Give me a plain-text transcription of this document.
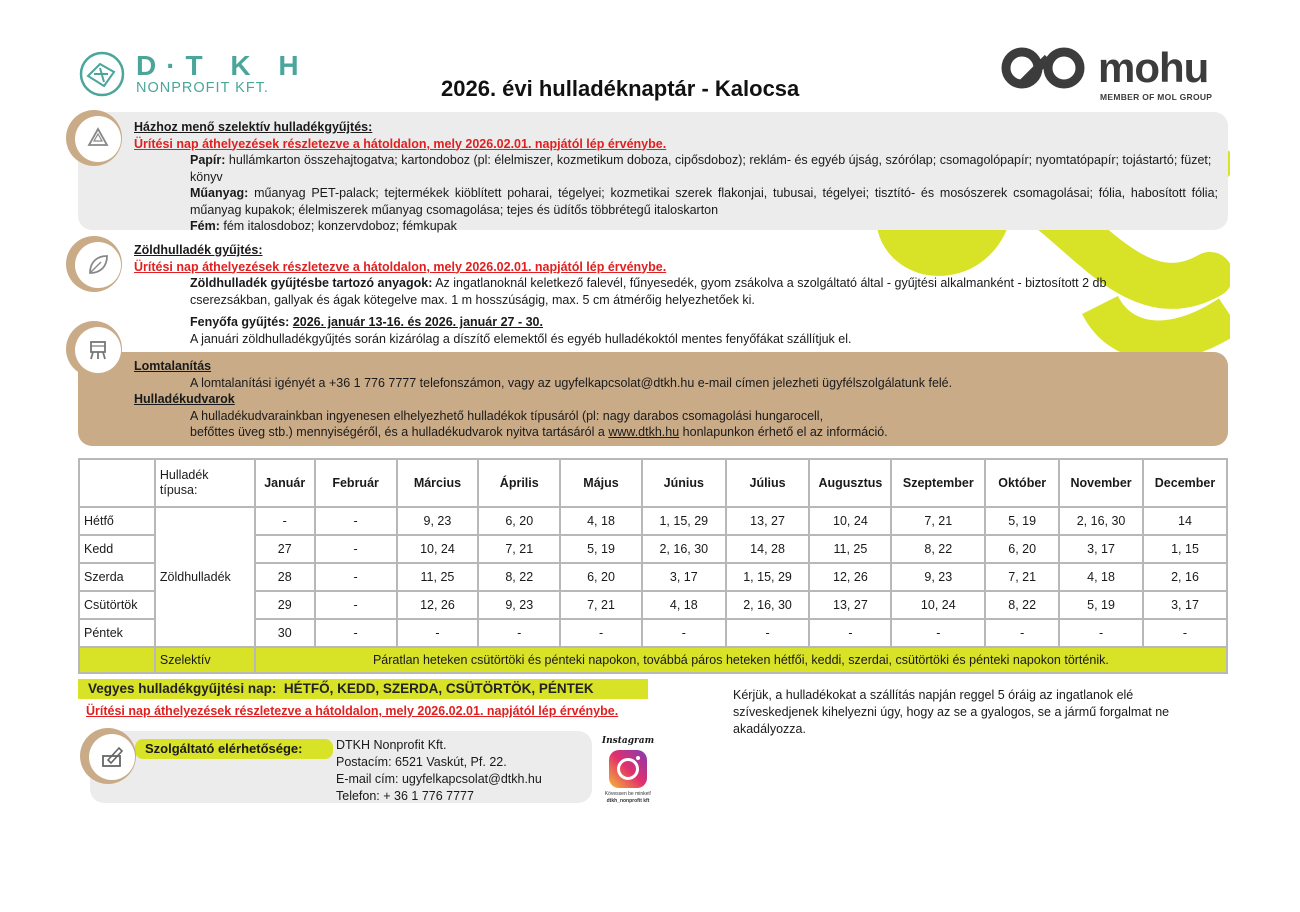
D·T K H
NONPROFIT KFT.	2026. évi hulladéknaptár - Kalocsa	mohu
MEMBER OF MOL GROUP
Házhoz menő szelektív hulladékgyűjtés:
Ürítési nap áthelyezések részletezve a hátoldalon, mely 2026.02.01. napjától lép érvénybe.
Papír: hullámkarton összehajtogatva; kartondoboz (pl: élelmiszer, kozmetikum doboza, cipősdoboz); reklám- és egyéb újság, szórólap; csomagolópapír; nyomtatópapír; tojástartó; füzet; könyv
Műanyag: műanyag PET-palack; tejtermékek kiöblített poharai, tégelyei; kozmetikai szerek flakonjai, tubusai, tégelyei; tisztító- és mosószerek csomagolásai; fólia, habosított fólia; műanyag kupakok; élelmiszerek műanyag csomagolása; tejes és üdítős többrétegű italoskarton
Fém: fém italosdoboz; konzervdoboz; fémkupak
Zöldhulladék gyűjtés:
Ürítési nap áthelyezések részletezve a hátoldalon, mely 2026.02.01. napjától lép érvénybe.
Zöldhulladék gyűjtésbe tartozó anyagok: Az ingatlanoknál keletkező falevél, fűnyesedék, gyom zsákolva a szolgáltató által - gyűjtési alkalmanként - biztosított 2 db cserezsákban, gallyak és ágak kötegelve max. 1 m hosszúságig, max. 5 cm átmérőig helyezhetőek ki.
Fenyőfa gyűjtés: 2026. január 13-16. és 2026. január 27 - 30.
A januári zöldhulladékgyűjtés során kizárólag a díszítő elemektől és egyéb hulladékoktól mentes fenyőfákat szállítjuk el.
Lomtalanítás
A lomtalanítási igényét a +36 1 776 7777 telefonszámon, vagy az ugyfelkapcsolat@dtkh.hu e-mail címen jelezheti ügyfélszolgálatunk felé.
Hulladékudvarok
A hulladékudvarainkban ingyenesen elhelyezhető hulladékok típusáról (pl: nagy darabos csomagolási hungarocell,
befőttes üveg stb.) mennyiségéről, és a hulladékudvarok nyitva tartásáról a www.dtkh.hu honlapunkon érhető el az információ.
	Hulladék
típusa:	Január	Február	Március	Április	Május	Június	Július	Augusztus	Szeptember	Október	November	December
Hétfő	Zöldhulladék	-	-	9, 23	6, 20	4, 18	1, 15, 29	13, 27	10, 24	7, 21	5, 19	2, 16, 30	14
Kedd		27	-	10, 24	7, 21	5, 19	2, 16, 30	14, 28	11, 25	8, 22	6, 20	3, 17	1, 15
Szerda		28	-	11, 25	8, 22	6, 20	3, 17	1, 15, 29	12, 26	9, 23	7, 21	4, 18	2, 16
Csütörtök		29	-	12, 26	9, 23	7, 21	4, 18	2, 16, 30	13, 27	10, 24	8, 22	5, 19	3, 17
Péntek		30	-	-	-	-	-	-	-	-	-	-	-
	Szelektív	Páratlan heteken csütörtöki és pénteki napokon, továbbá páros heteken hétfői, keddi, szerdai, csütörtöki és pénteki napokon történik.											
Vegyes hulladékgyűjtési nap: HÉTFŐ, KEDD, SZERDA, CSÜTÖRTÖK, PÉNTEK
Ürítési nap áthelyezések részletezve a hátoldalon, mely 2026.02.01. napjától lép érvénybe.
Kérjük, a hulladékokat a szállítás napján reggel 5 óráig az ingatlanok elé szíveskedjenek kihelyezni úgy, hogy az se a gyalogos, se a jármű forgalmat ne akadályozza.
Szolgáltató elérhetősége:	DTKH Nonprofit Kft.
Postacím: 6521 Vaskút, Pf. 22.
E-mail cím: ugyfelkapcsolat@dtkh.hu
Telefon: + 36 1 776 7777
Instagram
Kövessen be minket!
dtkh_nonprofit kft
